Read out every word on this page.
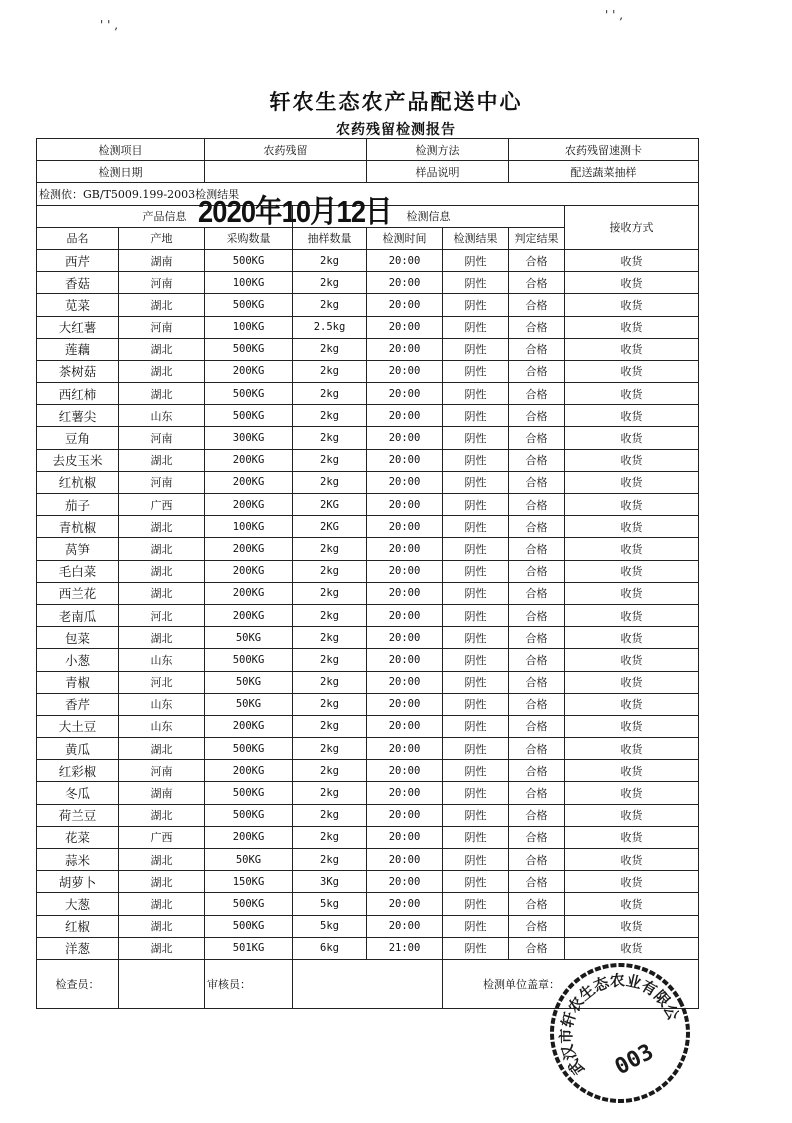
' ' ,
' ' ,
轩农生态农产品配送中心
农药残留检测报告
检测项目		农药残留		检测方法		农药残留速测卡	
检测日期				样品说明		配送蔬菜抽样	
检测依：GB/T5009.199-2003检测结果							
产品信息			检测信息				接收方式
品名	产地	采购数量	抽样数量	检测时间	检测结果	判定结果	
西芹	湖南	500KG	2kg	20:00	阴性	合格	收货
香菇	河南	100KG	2kg	20:00	阴性	合格	收货
苋菜	湖北	500KG	2kg	20:00	阴性	合格	收货
大红薯	河南	100KG	2.5kg	20:00	阴性	合格	收货
莲藕	湖北	500KG	2kg	20:00	阴性	合格	收货
茶树菇	湖北	200KG	2kg	20:00	阴性	合格	收货
西红柿	湖北	500KG	2kg	20:00	阴性	合格	收货
红薯尖	山东	500KG	2kg	20:00	阴性	合格	收货
豆角	河南	300KG	2kg	20:00	阴性	合格	收货
去皮玉米	湖北	200KG	2kg	20:00	阴性	合格	收货
红杭椒	河南	200KG	2kg	20:00	阴性	合格	收货
茄子	广西	200KG	2KG	20:00	阴性	合格	收货
青杭椒	湖北	100KG	2KG	20:00	阴性	合格	收货
莴笋	湖北	200KG	2kg	20:00	阴性	合格	收货
毛白菜	湖北	200KG	2kg	20:00	阴性	合格	收货
西兰花	湖北	200KG	2kg	20:00	阴性	合格	收货
老南瓜	河北	200KG	2kg	20:00	阴性	合格	收货
包菜	湖北	50KG	2kg	20:00	阴性	合格	收货
小葱	山东	500KG	2kg	20:00	阴性	合格	收货
青椒	河北	50KG	2kg	20:00	阴性	合格	收货
香芹	山东	50KG	2kg	20:00	阴性	合格	收货
大土豆	山东	200KG	2kg	20:00	阴性	合格	收货
黄瓜	湖北	500KG	2kg	20:00	阴性	合格	收货
红彩椒	河南	200KG	2kg	20:00	阴性	合格	收货
冬瓜	湖南	500KG	2kg	20:00	阴性	合格	收货
荷兰豆	湖北	500KG	2kg	20:00	阴性	合格	收货
花菜	广西	200KG	2kg	20:00	阴性	合格	收货
蒜米	湖北	50KG	2kg	20:00	阴性	合格	收货
胡萝卜	湖北	150KG	3Kg	20:00	阴性	合格	收货
大葱	湖北	500KG	5kg	20:00	阴性	合格	收货
红椒	湖北	500KG	5kg	20:00	阴性	合格	收货
洋葱	湖北	501KG	6kg	21:00	阴性	合格	收货
检查员：		审核员：			检测单位盖章：		
2020年10月12日
武汉市轩农生态农业有限公司
003
